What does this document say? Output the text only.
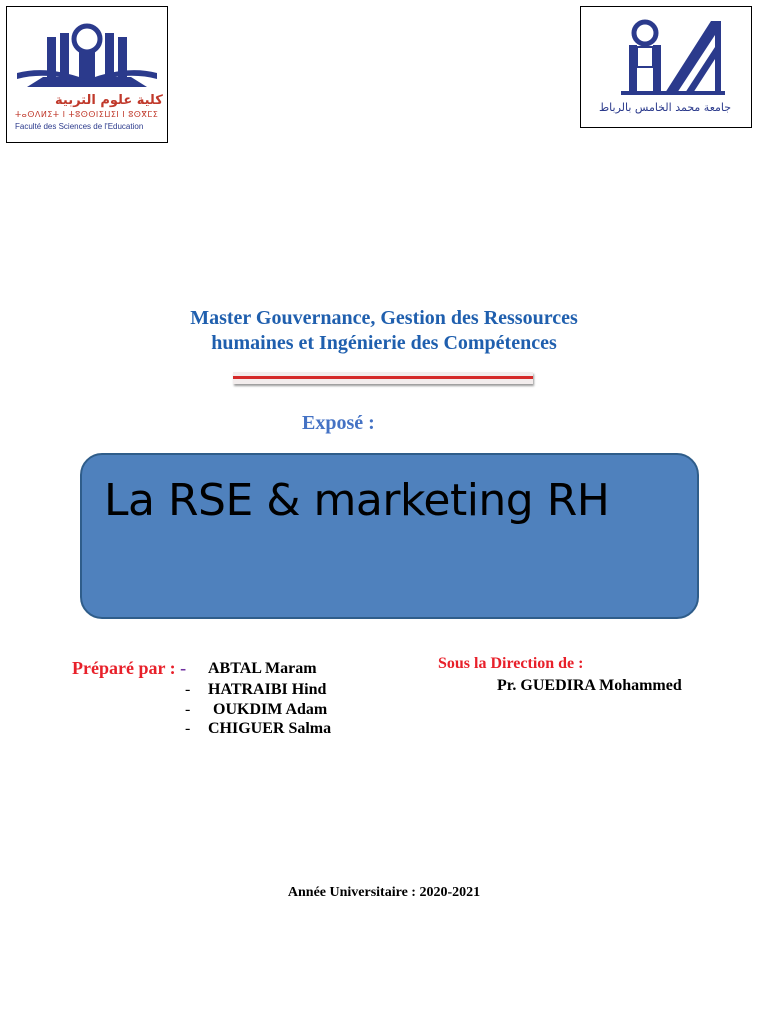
كلية علوم التربية
ⵜⴰⵙⴷⵍⵉⵜ ⵏ ⵜⵓⵙⵙⵏⵉⵡⵉⵏ ⵏ ⵓⵙⴳⵎⵉ
Faculté des Sciences de l'Education
جامعة محمد الخامس بالرباط
Master Gouvernance, Gestion des Ressources
humaines et Ingénierie des Compétences
Exposé :
La RSE & marketing RH
Préparé par : - ABTAL Maram
- HATRAIBI Hind
- OUKDIM Adam
- CHIGUER Salma
Sous la Direction de :
Pr. GUEDIRA Mohammed
Année Universitaire : 2020-2021
